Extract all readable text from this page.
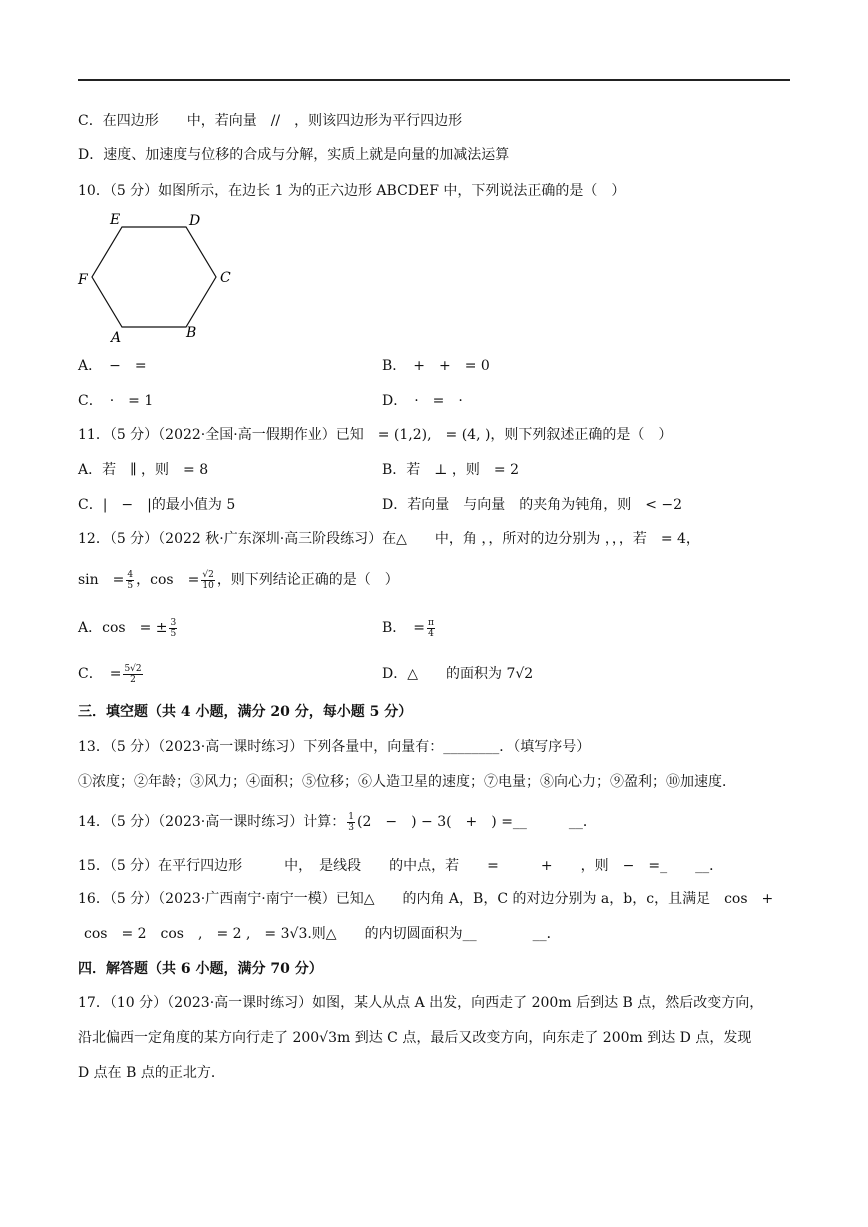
C．在四边形　　中，若向量　//　，则该四边形为平行四边形
D．速度、加速度与位移的合成与分解，实质上就是向量的加减法运算
10．（5 分）如图所示，在边长 1 为的正六边形 ABCDEF 中，下列说法正确的是（　）
E	D
C
F
B
A
A．　−　=	B．　+　+　= 0
C．　·　= 1	D．　·　=　·
11．（5 分）（2022·全国·高一假期作业）已知　= (1,2),　= (4, )，则下列叙述正确的是（　）
A．若　∥ ，则　= 8	B．若　⊥ ，则　= 2
C．|　−　|的最小值为 5	D．若向量　与向量　的夹角为钝角，则　< −2
12．（5 分）（2022 秋·广东深圳·高三阶段练习）在△　　中，角 ，，所对的边分别为 ，，，若　= 4，
sin　= $\frac{4}{5}$ ，cos　= $\frac{√2}{10}$ ，则下列结论正确的是（　）
A．cos　= ± $\frac{3}{5}$	B．　= $\frac{\pi}{4}$
C．　= $\frac{5√2}{2}$	D．△　　的面积为 7√2
三．填空题（共 4 小题，满分 20 分，每小题 5 分）
13．（5 分）（2023·高一课时练习）下列各量中，向量有：________．（填写序号）
①浓度；②年龄；③风力；④面积；⑤位移；⑥人造卫星的速度；⑦电量；⑧向心力；⑨盈利；⑩加速度．
14．（5 分）（2023·高一课时练习）计算： $\frac{1}{3} (2$　−　) − 3(　+　) =__　　　__．
15．（5 分）在平行四边形　　　中，　是线段　　的中点，若　　=　　　+　　，则　−　=_　　__．
16．（5 分）（2023·广西南宁·南宁一模）已知△　　的内角 A，B，C 的对边分别为 a，b，c，且满足　cos　+
cos　= 2　cos　,　= 2 ,　= 3√3.则△　　的内切圆面积为__　　　　__．
四．解答题（共 6 小题，满分 70 分）
17．（10 分）（2023·高一课时练习）如图，某人从点 A 出发，向西走了 200m 后到达 B 点，然后改变方向，
沿北偏西一定角度的某方向行走了 200√3m 到达 C 点，最后又改变方向，向东走了 200m 到达 D 点，发现
D 点在 B 点的正北方．
